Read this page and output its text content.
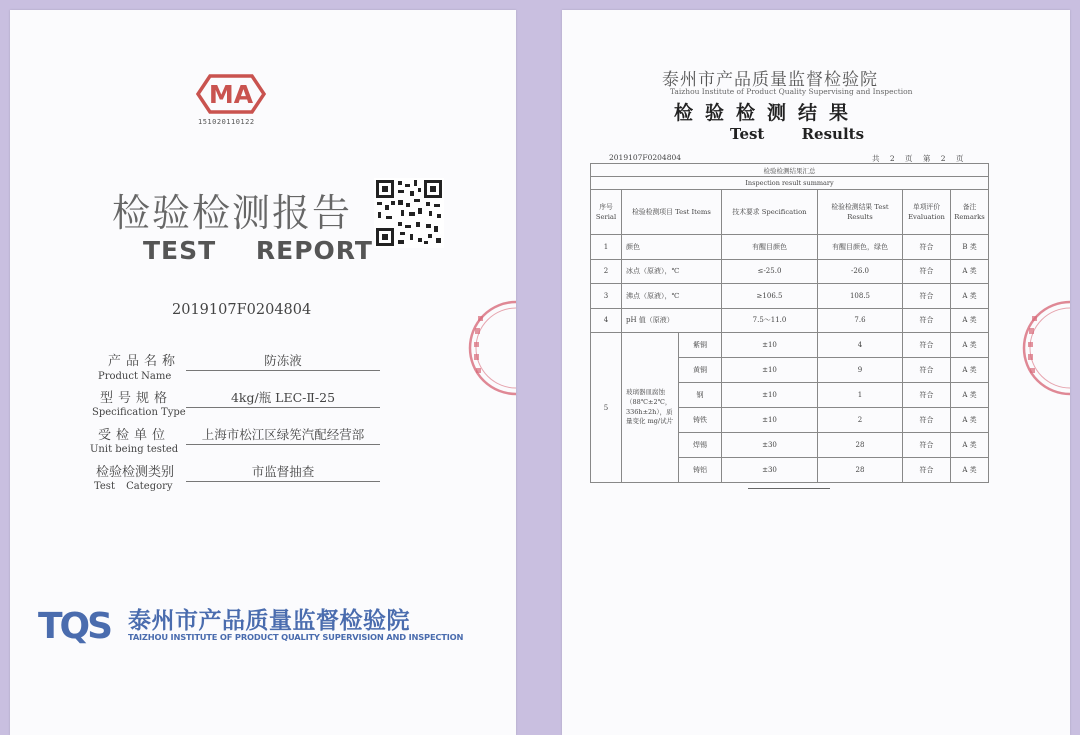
MA
151020110122
检验检测报告
TEST REPORT
2019107F0204804
产品名称
Product Name
防冻液
型号规格
Specification Type
4kg/瓶 LEC-Ⅱ-25
受检单位
Unit being tested
上海市松江区绿筅汽配经营部
检验检测类别
Test Category
市监督抽查
TQS 泰州市产品质量监督检验院
TAIZHOU INSTITUTE OF PRODUCT QUALITY SUPERVISION AND INSPECTION
泰州市产品质量监督检验院
Taizhou Institute of Product Quality Supervising and Inspection
检验检测结果
Test Results
2019107F0204804	共 2 页 第 2 页
检验检测结果汇总						
Inspection result summary						
序号 Serial	检验检测项目 Test Items		技术要求 Specification	检验检测结果 Test Results	单项评价 Evaluation	备注 Remarks
1	颜色		有醒目颜色	有醒目颜色，绿色	符合	B 类
2	冰点（原液），℃		≤-25.0	-26.0	符合	A 类
3	沸点（原液），℃		≥106.5	108.5	符合	A 类
4	pH 值（原液）		7.5～11.0	7.6	符合	A 类
5	玻璃器皿腐蚀（88℃±2℃，336h±2h），质量变化 mg/试片	紫铜	±10	4	符合	A 类
		黄铜	±10	9	符合	A 类
		钢	±10	1	符合	A 类
		铸铁	±10	2	符合	A 类
		焊锡	±30	28	符合	A 类
		铸铝	±30	28	符合	A 类
